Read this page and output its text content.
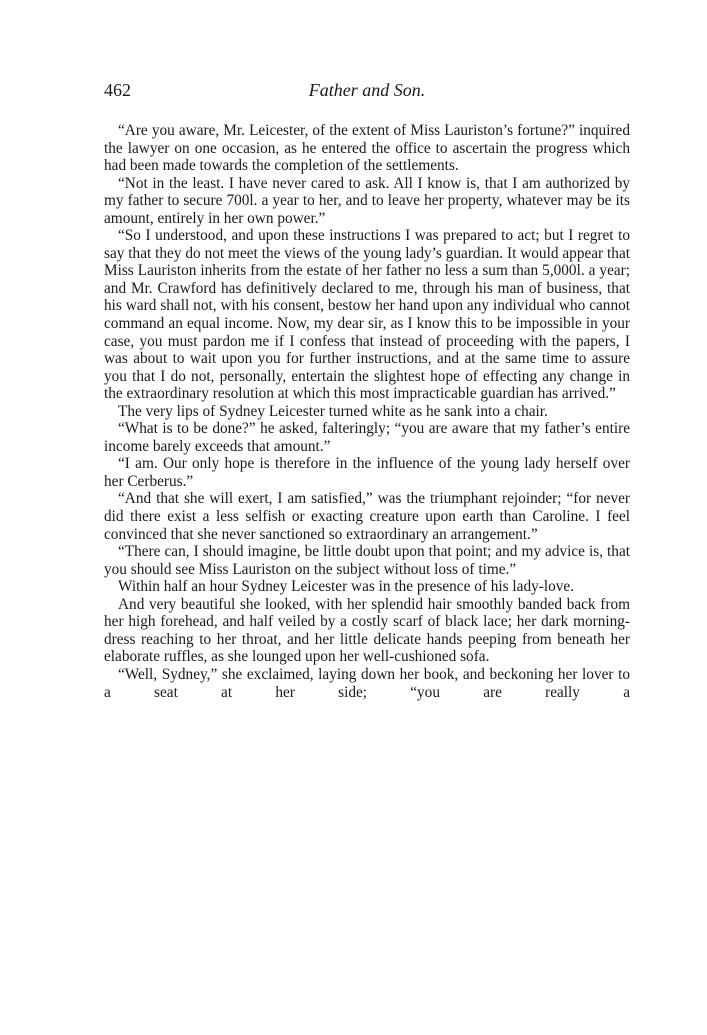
462	Father and Son.

“Are you aware, Mr. Leicester, of the extent of Miss Lauriston’s fortune?” inquired the lawyer on one occasion, as he entered the office to ascertain the progress which had been made towards the completion of the settlements.

“Not in the least. I have never cared to ask. All I know is, that I am authorized by my father to secure 700l. a year to her, and to leave her property, whatever may be its amount, entirely in her own power.”

“So I understood, and upon these instructions I was prepared to act; but I regret to say that they do not meet the views of the young lady’s guardian. It would appear that Miss Lauriston inherits from the estate of her father no less a sum than 5,000l. a year; and Mr. Crawford has definitively declared to me, through his man of business, that his ward shall not, with his consent, bestow her hand upon any individual who cannot command an equal income. Now, my dear sir, as I know this to be impossible in your case, you must pardon me if I confess that instead of proceeding with the papers, I was about to wait upon you for further instructions, and at the same time to assure you that I do not, personally, entertain the slightest hope of effecting any change in the extraordinary resolution at which this most impracticable guardian has arrived.”

The very lips of Sydney Leicester turned white as he sank into a chair.

“What is to be done?” he asked, falteringly; “you are aware that my father’s entire income barely exceeds that amount.”

“I am. Our only hope is therefore in the influence of the young lady herself over her Cerberus.”

“And that she will exert, I am satisfied,” was the triumphant rejoinder; “for never did there exist a less selfish or exacting creature upon earth than Caroline. I feel convinced that she never sanctioned so extraordinary an arrangement.”

“There can, I should imagine, be little doubt upon that point; and my advice is, that you should see Miss Lauriston on the subject without loss of time.”

Within half an hour Sydney Leicester was in the presence of his lady-love.

And very beautiful she looked, with her splendid hair smoothly banded back from her high forehead, and half veiled by a costly scarf of black lace; her dark morning-dress reaching to her throat, and her little delicate hands peeping from beneath her elaborate ruffles, as she lounged upon her well-cushioned sofa.

“Well, Sydney,” she exclaimed, laying down her book, and beckoning her lover to a seat at her side; “you are really a
